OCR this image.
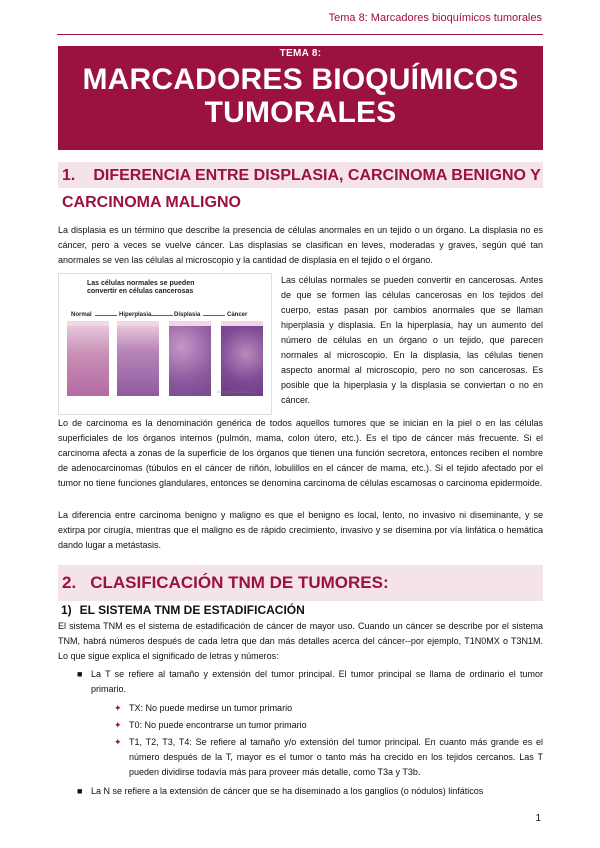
Tema 8: Marcadores bioquímicos tumorales
TEMA 8:
MARCADORES BIOQUÍMICOS
TUMORALES
1. DIFERENCIA ENTRE DISPLASIA, CARCINOMA BENIGNO Y CARCINOMA MALIGNO
La displasia es un término que describe la presencia de células anormales en un tejido o un órgano. La displasia no es cáncer, pero a veces se vuelve cáncer. Las displasias se clasifican en leves, moderadas y graves, según qué tan anormales se ven las células al microscopio y la cantidad de displasia en el tejido o el órgano.
Las células normales se pueden convertir en células cancerosas
Normal	Hiperplasia	Displasia	Cáncer
© 2014 Terese Winslow LLC
Las células normales se pueden convertir en cancerosas. Antes de que se formen las células cancerosas en los tejidos del cuerpo, estas pasan por cambios anormales que se llaman hiperplasia y displasia. En la hiperplasia, hay un aumento del número de células en un órgano o un tejido, que parecen normales al microscopio. En la displasia, las células tienen aspecto anormal al microscopio, pero no son cancerosas. Es posible que la hiperplasia y la displasia se conviertan o no en cáncer.
Lo de carcinoma es la denominación genérica de todos aquellos tumores que se inician en la piel o en las células superficiales de los órganos internos (pulmón, mama, colon útero, etc.). Es el tipo de cáncer más frecuente. Si el carcinoma afecta a zonas de la superficie de los órganos que tienen una función secretora, entonces reciben el nombre de adenocarcinomas (túbulos en el cáncer de riñón, lobulillos en el cáncer de mama, etc.). Si el tejido afectado por el tumor no tiene funciones glandulares, entonces se denomina carcinoma de células escamosas o carcinoma epidermoide.
La diferencia entre carcinoma benigno y maligno es que el benigno es local, lento, no invasivo ni diseminante, y se extirpa por cirugía, mientras que el maligno es de rápido crecimiento, invasivo y se disemina por vía linfática o hemática dando lugar a metástasis.
2. CLASIFICACIÓN TNM DE TUMORES:
1) EL SISTEMA TNM DE ESTADIFICACIÓN
El sistema TNM es el sistema de estadificación de cáncer de mayor uso. Cuando un cáncer se describe por el sistema TNM, habrá números después de cada letra que dan más detalles acerca del cáncer--por ejemplo, T1N0MX o T3N1M. Lo que sigue explica el significado de letras y números:
■ La T se refiere al tamaño y extensión del tumor principal. El tumor principal se llama de ordinario el tumor primario.
✦ TX: No puede medirse un tumor primario
✦ T0: No puede encontrarse un tumor primario
✦ T1, T2, T3, T4: Se refiere al tamaño y/o extensión del tumor principal. En cuanto más grande es el número después de la T, mayor es el tumor o tanto más ha crecido en los tejidos cercanos. Las T pueden dividirse todavía más para proveer más detalle, como T3a y T3b.
■ La N se refiere a la extensión de cáncer que se ha diseminado a los ganglios (o nódulos) linfáticos
1
